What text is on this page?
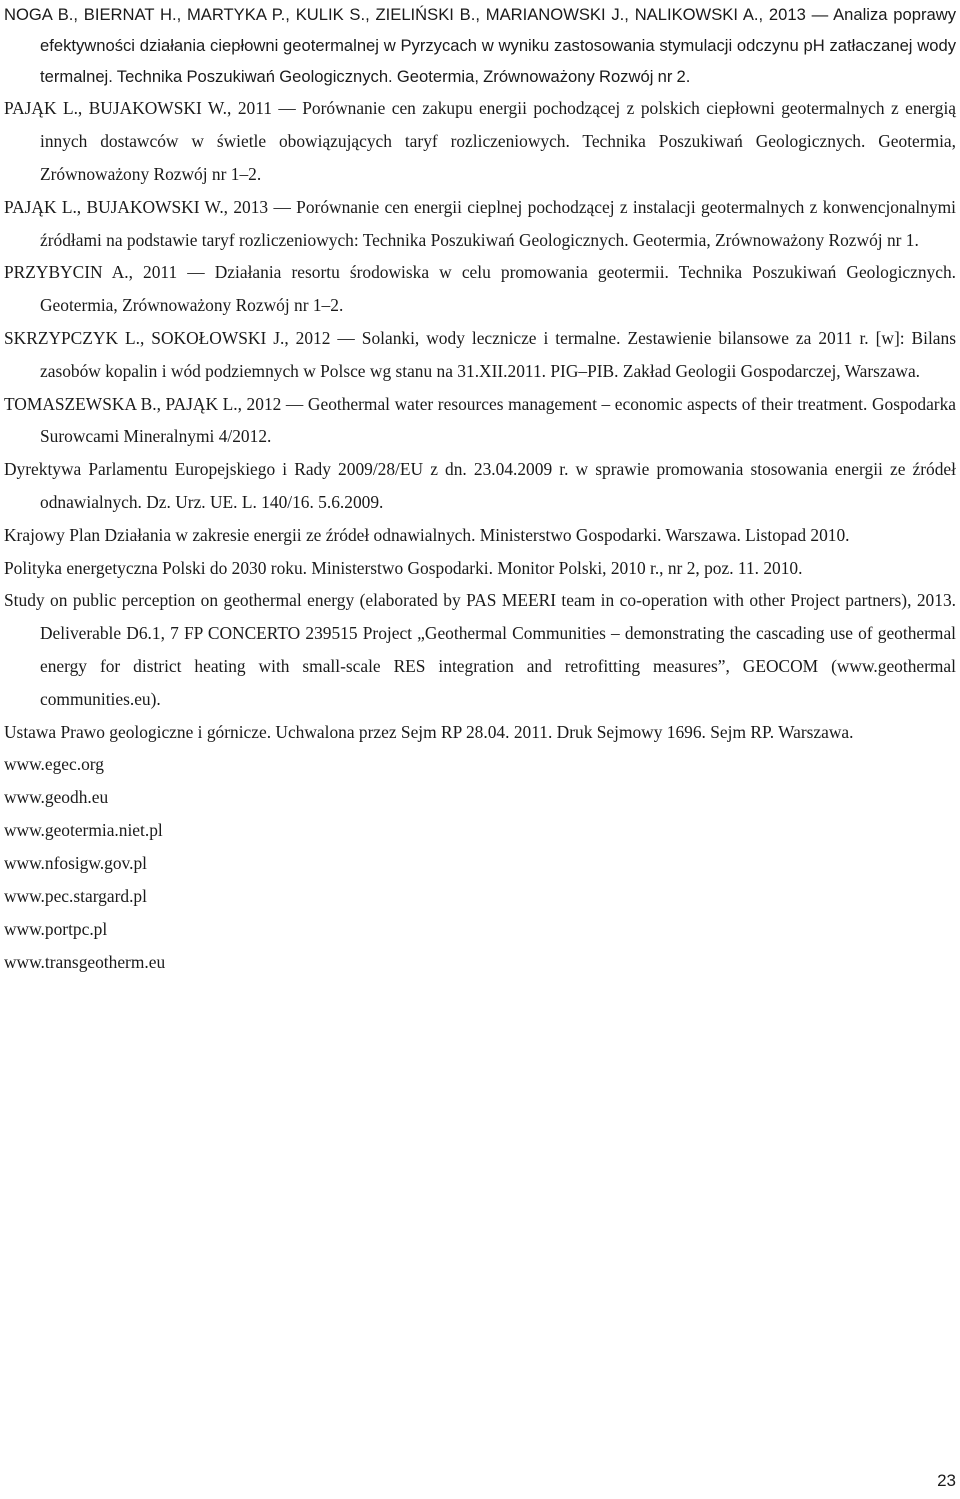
NOGA B., BIERNAT H., MARTYKA P., KULIK S., ZIELIŃSKI B., MARIANOWSKI J., NALIKOWSKI A., 2013 — Analiza poprawy efektywności działania ciepłowni geotermalnej w Pyrzycach w wyniku zastosowania stymulacji odczynu pH zatłaczanej wody termalnej. Technika Poszukiwań Geologicznych. Geotermia, Zrównoważony Rozwój nr 2.

PAJĄK L., BUJAKOWSKI W., 2011 — Porównanie cen zakupu energii pochodzącej z polskich ciepłowni geotermalnych z energią innych dostawców w świetle obowiązujących taryf rozliczeniowych. Technika Poszukiwań Geologicznych. Geotermia, Zrównoważony Rozwój nr 1–2.

PAJĄK L., BUJAKOWSKI W., 2013 — Porównanie cen energii cieplnej pochodzącej z instalacji geotermalnych z konwencjonalnymi źródłami na podstawie taryf rozliczeniowych: Technika Poszukiwań Geologicznych. Geotermia, Zrównoważony Rozwój nr 1.

PRZYBYCIN A., 2011 — Działania resortu środowiska w celu promowania geotermii. Technika Poszukiwań Geologicznych. Geotermia, Zrównoważony Rozwój nr 1–2.

SKRZYPCZYK L., SOKOŁOWSKI J., 2012 — Solanki, wody lecznicze i termalne. Zestawienie bilansowe za 2011 r. [w]: Bilans zasobów kopalin i wód podziemnych w Polsce wg stanu na 31.XII.2011. PIG–PIB. Zakład Geologii Gospodarczej, Warszawa.

TOMASZEWSKA B., PAJĄK L., 2012 — Geothermal water resources management – economic aspects of their treatment. Gospodarka Surowcami Mineralnymi 4/2012.

Dyrektywa Parlamentu Europejskiego i Rady 2009/28/EU z dn. 23.04.2009 r. w sprawie promowania stosowania energii ze źródeł odnawialnych. Dz. Urz. UE. L. 140/16. 5.6.2009.

Krajowy Plan Działania w zakresie energii ze źródeł odnawialnych. Ministerstwo Gospodarki. Warszawa. Listopad 2010.

Polityka energetyczna Polski do 2030 roku. Ministerstwo Gospodarki. Monitor Polski, 2010 r., nr 2, poz. 11. 2010.

Study on public perception on geothermal energy (elaborated by PAS MEERI team in co-operation with other Project partners), 2013. Deliverable D6.1, 7 FP CONCERTO 239515 Project „Geothermal Communities – demonstrating the cascading use of geothermal energy for district heating with small-scale RES integration and retrofitting measures”, GEOCOM (www.geothermal communities.eu).

Ustawa Prawo geologiczne i górnicze. Uchwalona przez Sejm RP 28.04. 2011. Druk Sejmowy 1696. Sejm RP. Warszawa.

www.egec.org

www.geodh.eu

www.geotermia.niet.pl

www.nfosigw.gov.pl

www.pec.stargard.pl

www.portpc.pl

www.transgeotherm.eu

23
